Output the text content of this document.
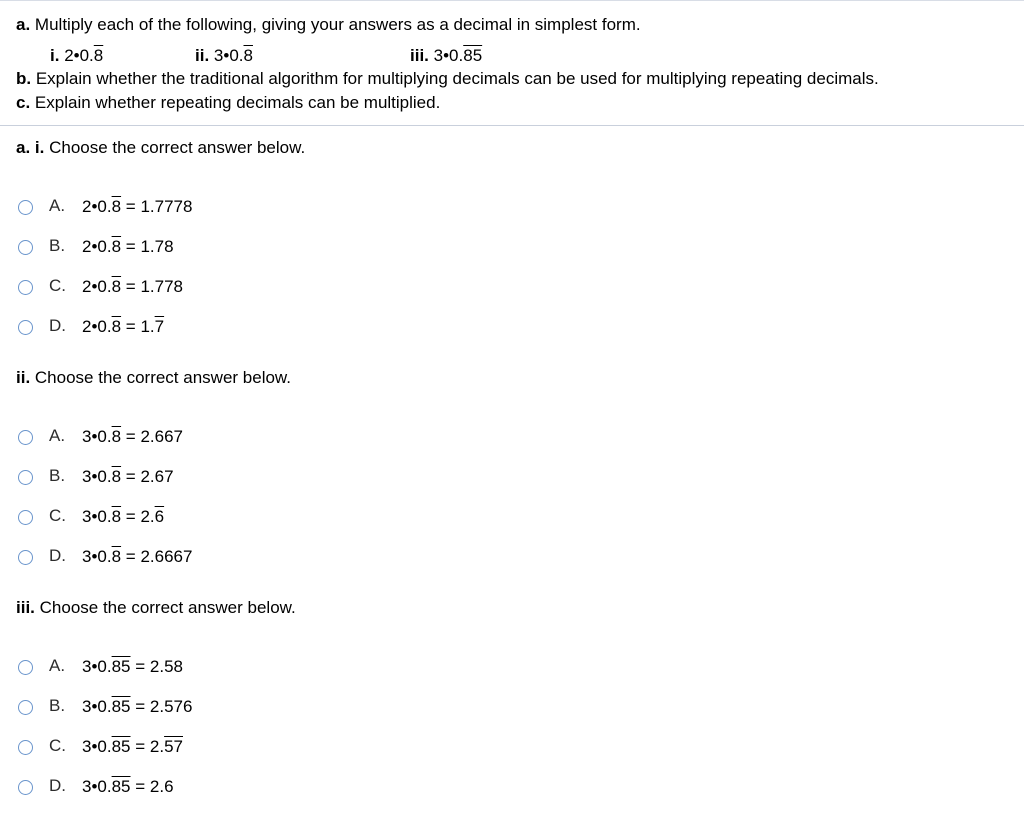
a. Multiply each of the following, giving your answers as a decimal in simplest form.
i. 2•0.8	ii. 3•0.8	iii. 3•0.85
b. Explain whether the traditional algorithm for multiplying decimals can be used for multiplying repeating decimals.
c. Explain whether repeating decimals can be multiplied.
a. i. Choose the correct answer below.
A. 2•0.8 = 1.7778
B. 2•0.8 = 1.78
C. 2•0.8 = 1.778
D. 2•0.8 = 1.7
ii. Choose the correct answer below.
A. 3•0.8 = 2.667
B. 3•0.8 = 2.67
C. 3•0.8 = 2.6
D. 3•0.8 = 2.6667
iii. Choose the correct answer below.
A. 3•0.85 = 2.58
B. 3•0.85 = 2.576
C. 3•0.85 = 2.57
D. 3•0.85 = 2.6
